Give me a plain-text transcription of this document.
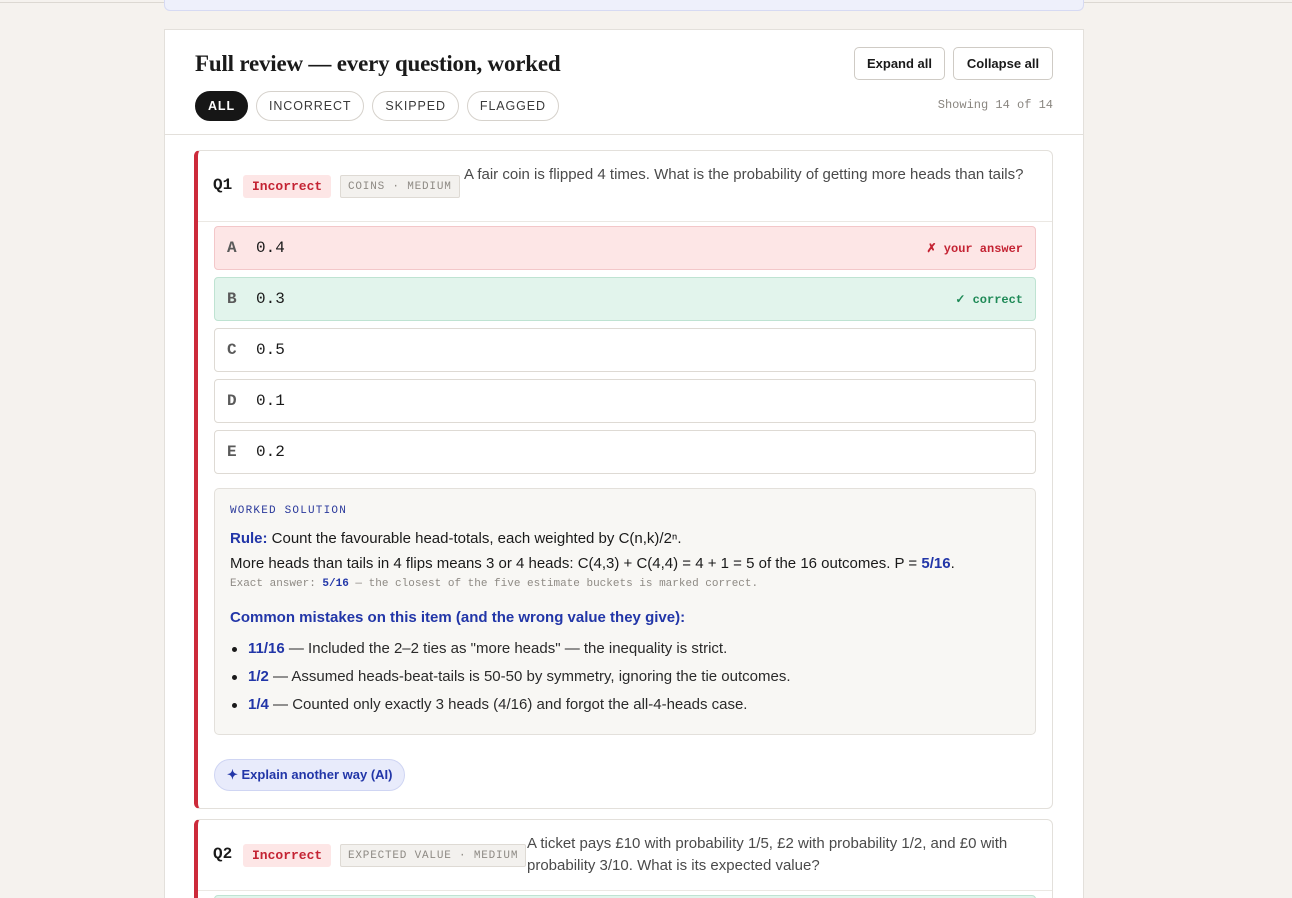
Full review — every question, worked	Expand all	Collapse all
ALL	INCORRECT	SKIPPED	FLAGGED	Showing 14 of 14
Q1	Incorrect	COINS · MEDIUM
A fair coin is flipped 4 times. What is the probability of getting more heads than tails?
A 0.4	✗ your answer
B 0.3	✓ correct
C 0.5
D 0.1
E 0.2
WORKED SOLUTION
Rule: Count the favourable head-totals, each weighted by C(n,k)/2ⁿ.
More heads than tails in 4 flips means 3 or 4 heads: C(4,3) + C(4,4) = 4 + 1 = 5 of the 16 outcomes. P = 5/16.
Exact answer: 5/16 — the closest of the five estimate buckets is marked correct.
Common mistakes on this item (and the wrong value they give):
11/16 — Included the 2–2 ties as "more heads" — the inequality is strict.
1/2 — Assumed heads-beat-tails is 50-50 by symmetry, ignoring the tie outcomes.
1/4 — Counted only exactly 3 heads (4/16) and forgot the all-4-heads case.
✦ Explain another way (AI)
Q2	Incorrect	EXPECTED VALUE · MEDIUM
A ticket pays £10 with probability 1/5, £2 with probability 1/2, and £0 with
probability 3/10. What is its expected value?
